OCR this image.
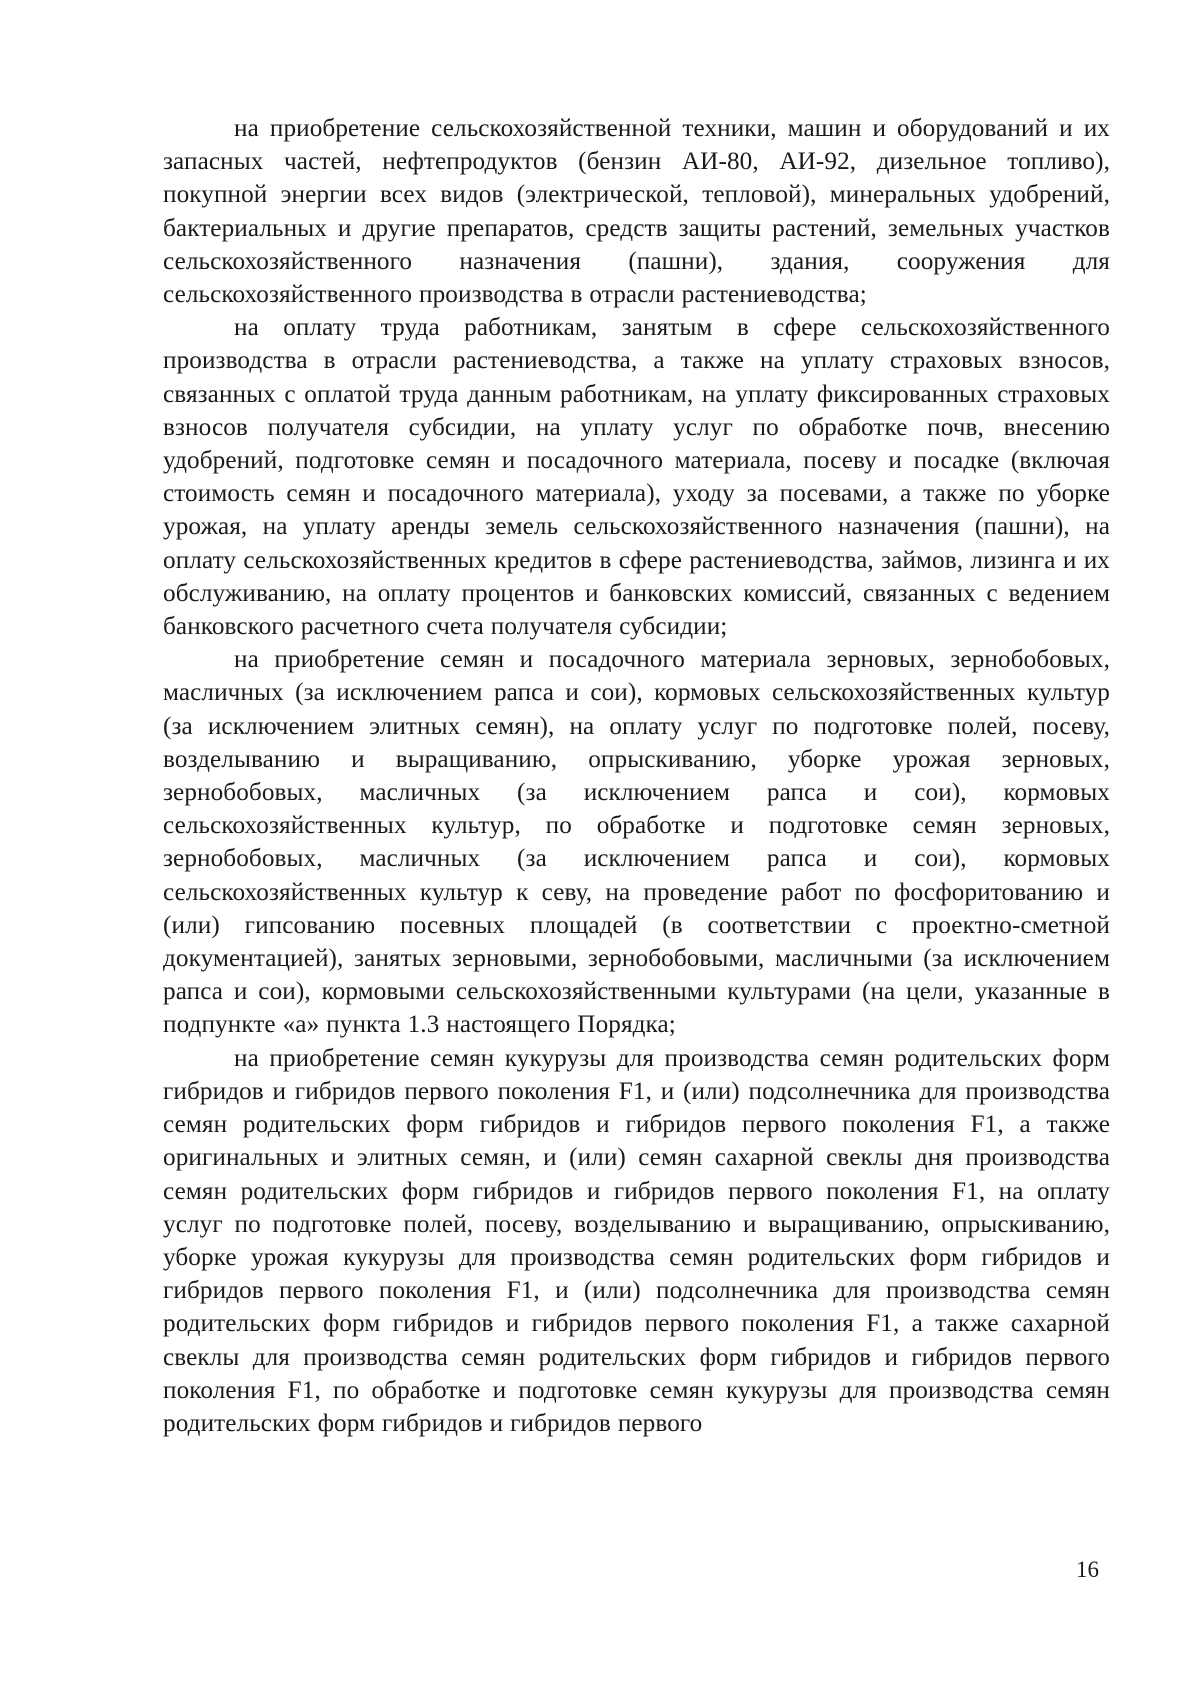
на приобретение сельскохозяйственной техники, машин и оборудований и их запасных частей, нефтепродуктов (бензин АИ-80, АИ-92, дизельное топливо), покупной энергии всех видов (электрической, тепловой), минеральных удобрений, бактериальных и другие препаратов, средств защиты растений, земельных участков сельскохозяйственного назначения (пашни), здания, сооружения для сельскохозяйственного производства в отрасли растениеводства;

на оплату труда работникам, занятым в сфере сельскохозяйственного производства в отрасли растениеводства, а также на уплату страховых взносов, связанных с оплатой труда данным работникам, на уплату фиксированных страховых взносов получателя субсидии, на уплату услуг по обработке почв, внесению удобрений, подготовке семян и посадочного материала, посеву и посадке (включая стоимость семян и посадочного материала), уходу за посевами, а также по уборке урожая, на уплату аренды земель сельскохозяйственного назначения (пашни), на оплату сельскохозяйственных кредитов в сфере растениеводства, займов, лизинга и их обслуживанию, на оплату процентов и банковских комиссий, связанных с ведением банковского расчетного счета получателя субсидии;

на приобретение семян и посадочного материала зерновых, зернобобовых, масличных (за исключением рапса и сои), кормовых сельскохозяйственных культур (за исключением элитных семян), на оплату услуг по подготовке полей, посеву, возделыванию и выращиванию, опрыскиванию, уборке урожая зерновых, зернобобовых, масличных (за исключением рапса и сои), кормовых сельскохозяйственных культур, по обработке и подготовке семян зерновых, зернобобовых, масличных (за исключением рапса и сои), кормовых сельскохозяйственных культур к севу, на проведение работ по фосфоритованию и (или) гипсованию посевных площадей (в соответствии с проектно-сметной документацией), занятых зерновыми, зернобобовыми, масличными (за исключением рапса и сои), кормовыми сельскохозяйственными культурами (на цели, указанные в подпункте «а» пункта 1.3 настоящего Порядка;

на приобретение семян кукурузы для производства семян родительских форм гибридов и гибридов первого поколения F1, и (или) подсолнечника для производства семян родительских форм гибридов и гибридов первого поколения F1, а также оригинальных и элитных семян, и (или) семян сахарной свеклы дня производства семян родительских форм гибридов и гибридов первого поколения F1, на оплату услуг по подготовке полей, посеву, возделыванию и выращиванию, опрыскиванию, уборке урожая кукурузы для производства семян родительских форм гибридов и гибридов первого поколения F1, и (или) подсолнечника для производства семян родительских форм гибридов и гибридов первого поколения F1, а также сахарной свеклы для производства семян родительских форм гибридов и гибридов первого поколения F1, по обработке и подготовке семян кукурузы для производства семян родительских форм гибридов и гибридов первого

16
